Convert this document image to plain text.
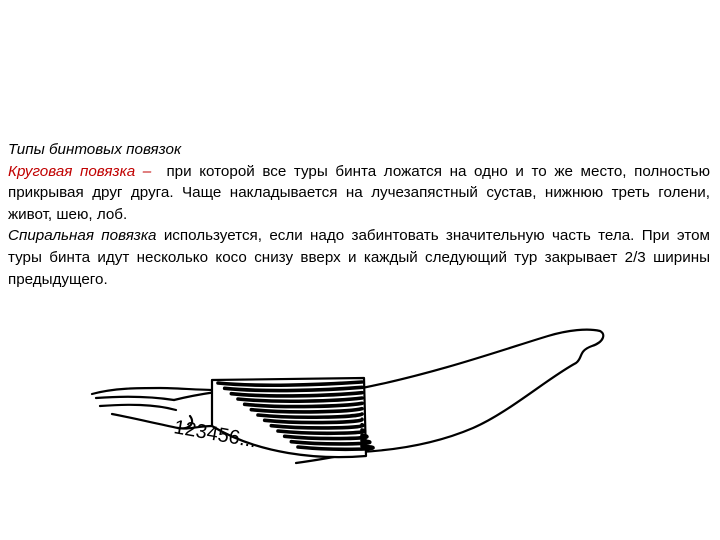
Типы бинтовых повязок

Круговая повязка – при которой все туры бинта ложатся на одно и то же место, полностью прикрывая друг друга. Чаще накладывается на лучезапястный сустав, нижнюю треть голени, живот, шею, лоб.

Спиральная повязка используется, если надо забинтовать значительную часть тела. При этом туры бинта идут несколько косо снизу вверх и каждый следующий тур закрывает 2/3 ширины предыдущего.

123456...
